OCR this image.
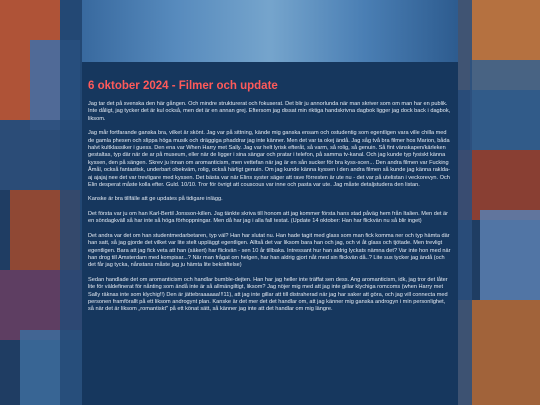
6 oktober 2024 - Filmer och update

Jag tar det på svenska den här gången. Och mindre strukturerat och fokuserat. Det blir ju annorlunda när man skriver som om man har en publik. Inte dåligt, jag tycker det är kul också, men det är en annan grej. Eftersom jag dissat min riktiga handskrivna dagbok ligger jag dock back i dagbok, liksom.

Jag mår fortfarande ganska bra, vilket är skönt. Jag var på sittning, kände mig ganska ensam och ostudentig som egentligen vara ville chilla med de gamla phesen och slippa höga musik och dräggiga phaddrar jag inte känner. Men det var ta okej ändå. Jag såg två bra filmer hos Marion, båda halvt kultklassiker i guess. Den ena var When Harry met Sally. Jag var helt lyrisk efteråt, så varm, så rolig, så genuin. Så fint vänskapen/kärleken gestaltas, typ där när de ar på museum, eller när de ligger i sina sängar och pratar i telefon, på samma tv-kanal. Och jag kunde typ fysiskt känna kyssen, den på sängen. Skrev ju innan om aromanticism, men vettefan när jag är en sån sucker för bra kyss-scen... Den andra filmen var Fucking Åmål, också fantastisk, underbart obekväm, rolig, också härligt genuin. Om jag kunde känna kyssen i den andra filmen så kunde jag känna raklda- aj ajajaj nee det var trevligare med kyssen. Det bästa var när Elins syster säger att rave förresten är ute nu - det var på utelistan i veckorevyn. Och Elin desperat måste kolla efter. Guld. 10/10. Tror för övrigt att couscous var inne och pasta var ute. Jag måste detaljstudera den listan.

Kanske är bra tillfälle att ge updates på tidigare inlägg.

Det första var ju om han Karl-Bertil Jonsson-killen. Jag tänkte skriva till honom att jag kommer första hans stad påväg hem från Italien. Men det är en söndagkväll så har inte så höga förhoppningar. Men då har jag i alla fall testat. (Update 14 oktober: Han har flickvän nu så blir inget)

Det andra var det om han studentmedarbetaren, typ väl? Han har slutat nu. Han hade tagit med glass som man fick komma ner och typ hämta där han satt, så jag gjorde det vilket var lite stelt uppläggt egentligen. Alltså det var liksom bara han och jag, och vi åt glass och tjötade. Men trevligt egentligen. Bara att jag fick veta att han (säkert) har flickvän - sen 10 år tillbaka. Intressant hur han aldrig lyckats nämna det? Var inte hon med när han drog till Amsterdam med kompisar...? När man frågat om helgen, har han aldrig gjort nåt med sin flickvän då..? Lite sus tycker jag ändå (och det får jag tycka, nånstans måste jag ju hämta lite bekräftelse)

Sedan handlade det om aromanticism och handlar bumble-dejten. Han har jag heller inte träffat sen dess. Ang aromanticism, idk, jag tror det låter lite för väldefinerat för nånting som ändå inte är så allmängiltigt, liksom? Jag nöjer mig med att jag inte gillar klychiga romcoms (when Harry met Sally räknas inte som klychig!!) Den är jättebraaaaaa!!!11), att jag inte gillar att till distraherad när jag har saker att göra, och jag vill connecta med personen framförallt på ett liksom androgynt plan. Kanske är det mer det det handlar om, att jag känner mig ganska androgyn i min personlighet, så när det är liksom „romantiskt" på ett könat sätt, så känner jag inte att det handlar om mig längre.
